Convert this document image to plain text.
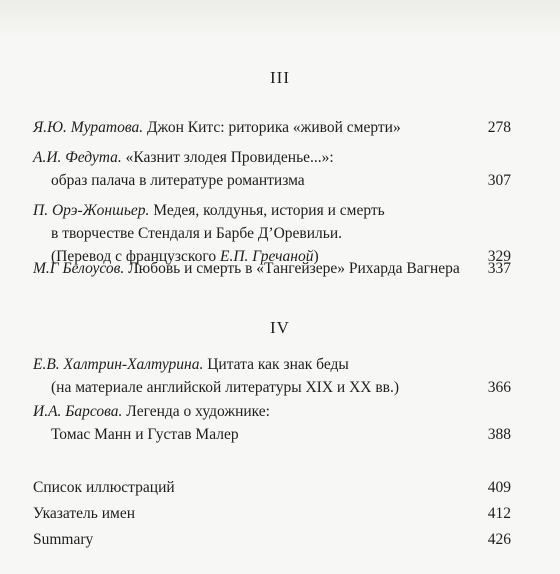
III
Я.Ю. Муратова. Джон Китс: риторика «живой смерти»	278
А.И. Федута. «Казнит злодея Провиденье...»:
образ палача в литературе романтизма	307
П. Орэ-Жоншьер. Медея, колдунья, история и смерть
в творчестве Стендаля и Барбе Д’Оревильи.
(Перевод с французского Е.П. Гречаной)	329
М.Г Белоусов. Любовь и смерть в «Тангейзере» Рихарда Вагнера 337
IV
Е.В. Халтрин-Халтурина. Цитата как знак беды
(на материале английской литературы XIX и XX вв.)	366
И.А. Барсова. Легенда о художнике:
Томас Манн и Густав Малер	388
Список иллюстраций	409
Указатель имен	412
Summary	426
